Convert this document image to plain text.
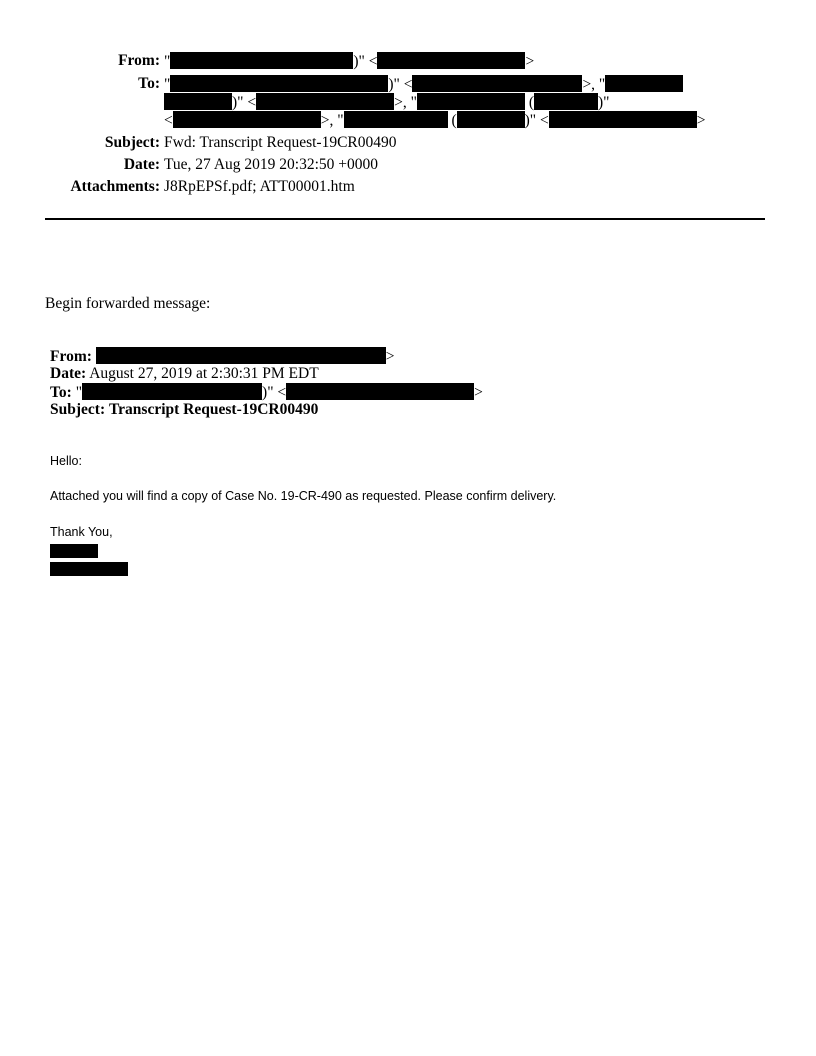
From: "	)" <	>
To: "	)" <	>, "
)" <	>, "	(	)"
<	>, "	(	)" <	>
Subject: Fwd: Transcript Request-19CR00490
Date: Tue, 27 Aug 2019 20:32:50 +0000
Attachments: J8RpEPSf.pdf; ATT00001.htm
Begin forwarded message:
From:	>
Date: August 27, 2019 at 2:30:31 PM EDT
To: "	)" <	>
Subject: Transcript Request-19CR00490
Hello:
Attached you will find a copy of Case No. 19-CR-490 as requested. Please confirm delivery.
Thank You,
